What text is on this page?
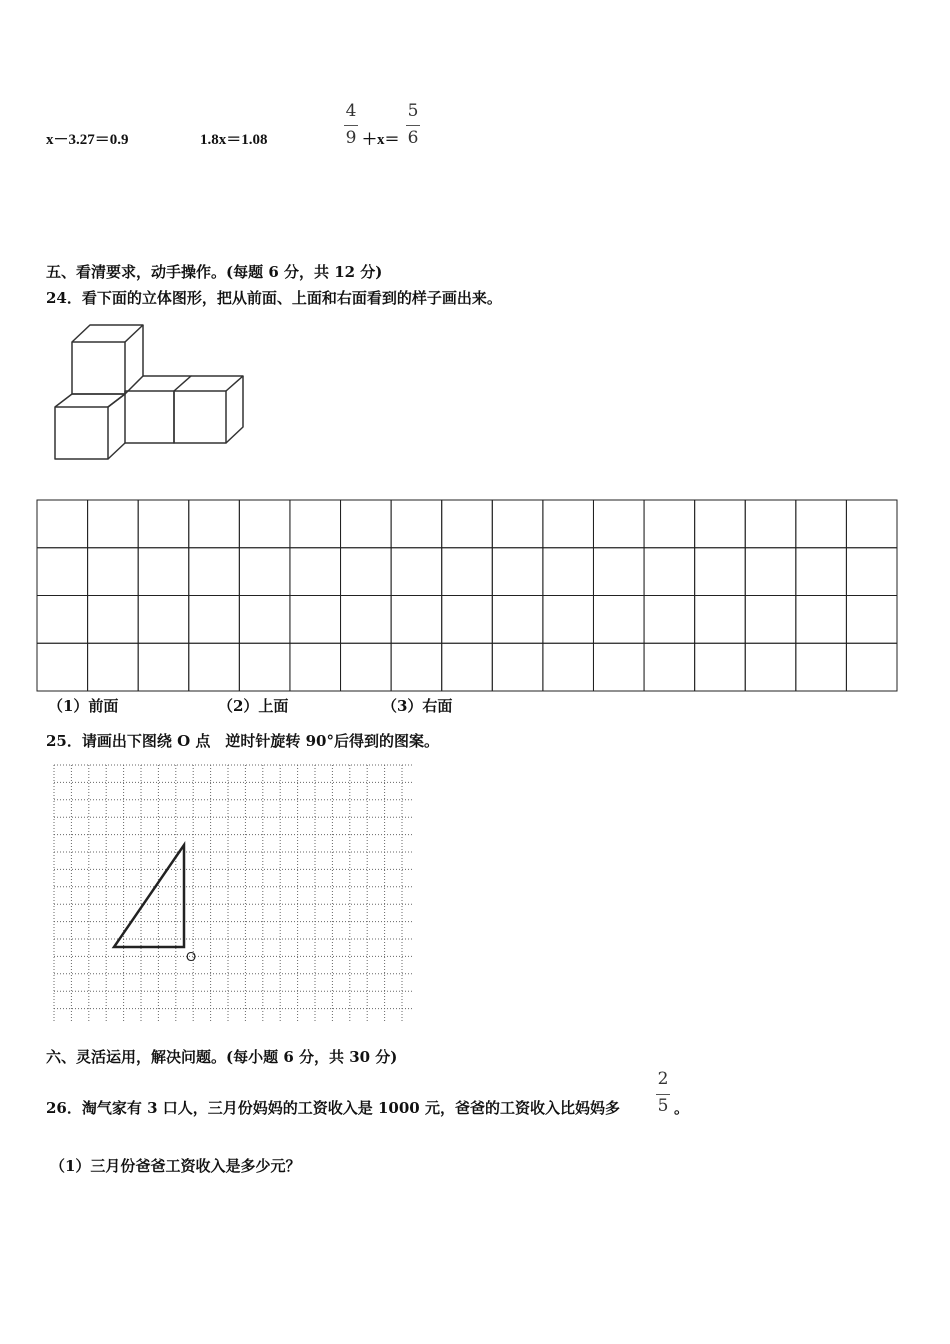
x－3.27＝0.9	1.8x＝1.08
4
9 ＋x＝
5
6
五、看清要求，动手操作。(每题 6 分，共 12 分)
24．看下面的立体图形，把从前面、上面和右面看到的样子画出来。
（1）前面	（2）上面	（3）右面
25．请画出下图绕 O 点　逆时针旋转 90°后得到的图案。
O
六、灵活运用，解决问题。(每小题 6 分，共 30 分)
26．淘气家有 3 口人，三月份妈妈的工资收入是 1000 元，爸爸的工资收入比妈妈多
2
5 。
（1）三月份爸爸工资收入是多少元？
